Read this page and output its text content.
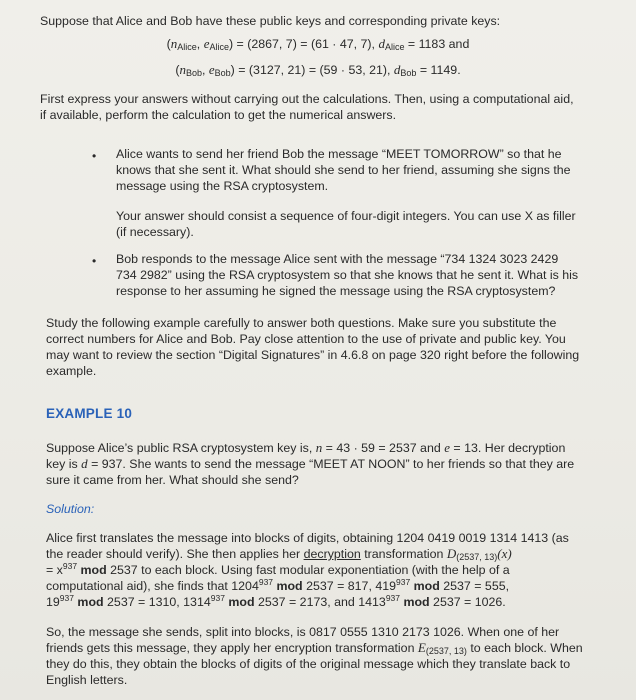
Suppose that Alice and Bob have these public keys and corresponding private keys:

($n_{Alice}$, $e_{Alice}) = (2867$, 7) = (61 · 47, 7), $d_{Alice} = 1183$ and

($n_{Bob}$, $e_{Bob}) = (3127$, 21) = (59 · 53, 21), $d_{Bob} = 1149$.

First express your answers without carrying out the calculations. Then, using a computational aid,

if available, perform the calculation to get the numerical answers.

• Alice wants to send her friend Bob the message “MEET TOMORROW” so that he

knows that she sent it. What should she send to her friend, assuming she signs the

message using the RSA cryptosystem.

Your answer should consist a sequence of four-digit integers. You can use X as filler

(if necessary).

• Bob responds to the message Alice sent with the message “734 1324 3023 2429

734 2982” using the RSA cryptosystem so that she knows that he sent it. What is his

response to her assuming he signed the message using the RSA cryptosystem?

Study the following example carefully to answer both questions. Make sure you substitute the

correct numbers for Alice and Bob. Pay close attention to the use of private and public key. You

may want to review the section “Digital Signatures” in 4.6.8 on page 320 right before the following

example.

EXAMPLE 10

Suppose Alice’s public RSA cryptosystem key is, n = 43 · 59 = 2537 and e = 13. Her decryption

key is d = 937. She wants to send the message “MEET AT NOON” to her friends so that they are

sure it came from her. What should she send?

Solution:

Alice first translates the message into blocks of digits, obtaining 1204 0419 0019 1314 1413 (as

the reader should verify). She then applies her decryption transformation $D_{(2537, 13)}(x)$

= $x^{937}$ mod 2537 to each block. Using fast modular exponentiation (with the help of a

computational aid), she finds that 1204$^{937}$ mod 2537 = 817, $419^{937}$ mod 2537 = 555,

$19^{937}$ mod 2537 = 1310, 1314$^{937}$ mod 2537 = 2173, and 1413$^{937}$ mod 2537 = 1026.

So, the message she sends, split into blocks, is 0817 0555 1310 2173 1026. When one of her

friends gets this message, they apply her encryption transformation $E_{(2537, 13)}$ to each block. When

they do this, they obtain the blocks of digits of the original message which they translate back to

English letters.
